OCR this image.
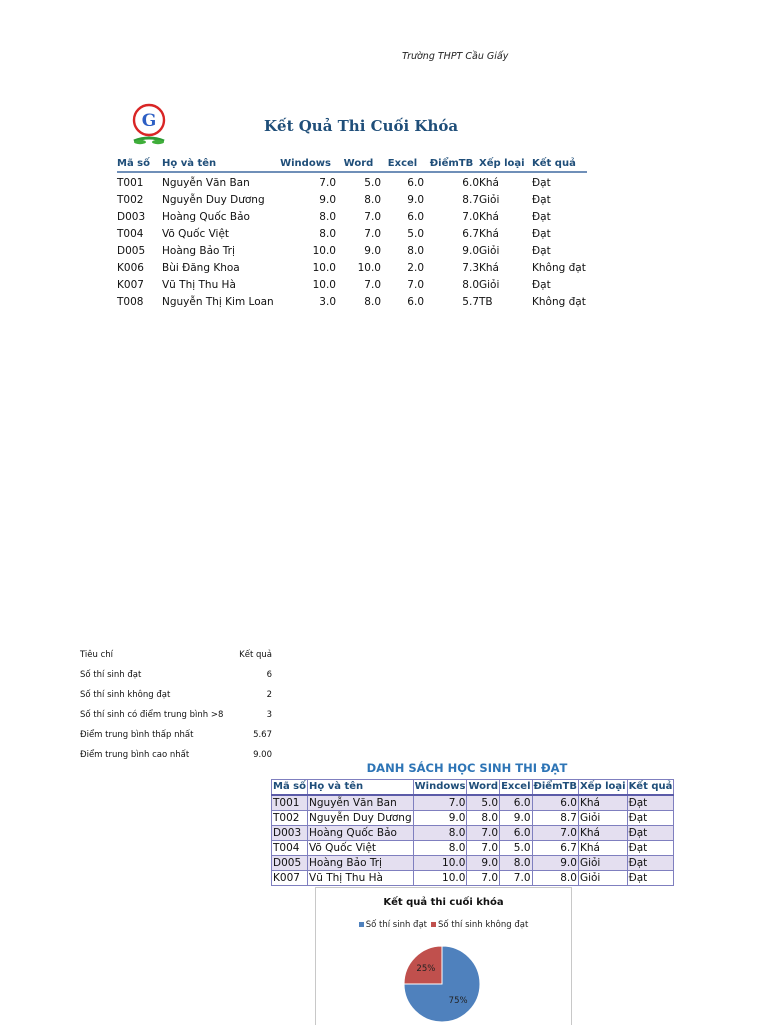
Trường THPT Cầu Giấy
G
TRƯỜNG THPT CẦU GIẤY
Kết Quả Thi Cuối Khóa
Mã số Họ và tên	Windows	Word	Excel	ĐiểmTB Xếp loại Kết quả
T001 Nguyễn Văn Ban	7.0	5.0	6.0	6.0 Khá	Đạt
T002 Nguyễn Duy Dương	9.0	8.0	9.0	8.7 Giỏi	Đạt
D003 Hoàng Quốc Bảo	8.0	7.0	6.0	7.0 Khá	Đạt
T004 Võ Quốc Việt	8.0	7.0	5.0	6.7 Khá	Đạt
D005 Hoàng Bảo Trị	10.0	9.0	8.0	9.0 Giỏi	Đạt
K006 Bùi Đăng Khoa	10.0	10.0	2.0	7.3 Khá	Không đạt
K007 Vũ Thị Thu Hà	10.0	7.0	7.0	8.0 Giỏi	Đạt
T008 Nguyễn Thị Kim Loan	3.0	8.0	6.0	5.7 TB	Không đạt
Tiêu chí	Kết quả
Số thí sinh đạt	6
Số thí sinh không đạt	2
Số thí sinh có điểm trung bình >8	3
Điểm trung bình thấp nhất	5.67
Điểm trung bình cao nhất	9.00
DANH SÁCH HỌC SINH THI ĐẠT
Mã số	Họ và tên	Windows	Word	Excel	ĐiểmTB	Xếp loại	Kết quả
T001	Nguyễn Văn Ban	7.0	5.0	6.0	6.0	Khá	Đạt
T002	Nguyễn Duy Dương	9.0	8.0	9.0	8.7	Giỏi	Đạt
D003	Hoàng Quốc Bảo	8.0	7.0	6.0	7.0	Khá	Đạt
T004	Võ Quốc Việt	8.0	7.0	5.0	6.7	Khá	Đạt
D005	Hoàng Bảo Trị	10.0	9.0	8.0	9.0	Giỏi	Đạt
K007	Vũ Thị Thu Hà	10.0	7.0	7.0	8.0	Giỏi	Đạt
Kết quả thi cuối khóa
Số thí sinh đạt Số thí sinh không đạt
75%
25%
